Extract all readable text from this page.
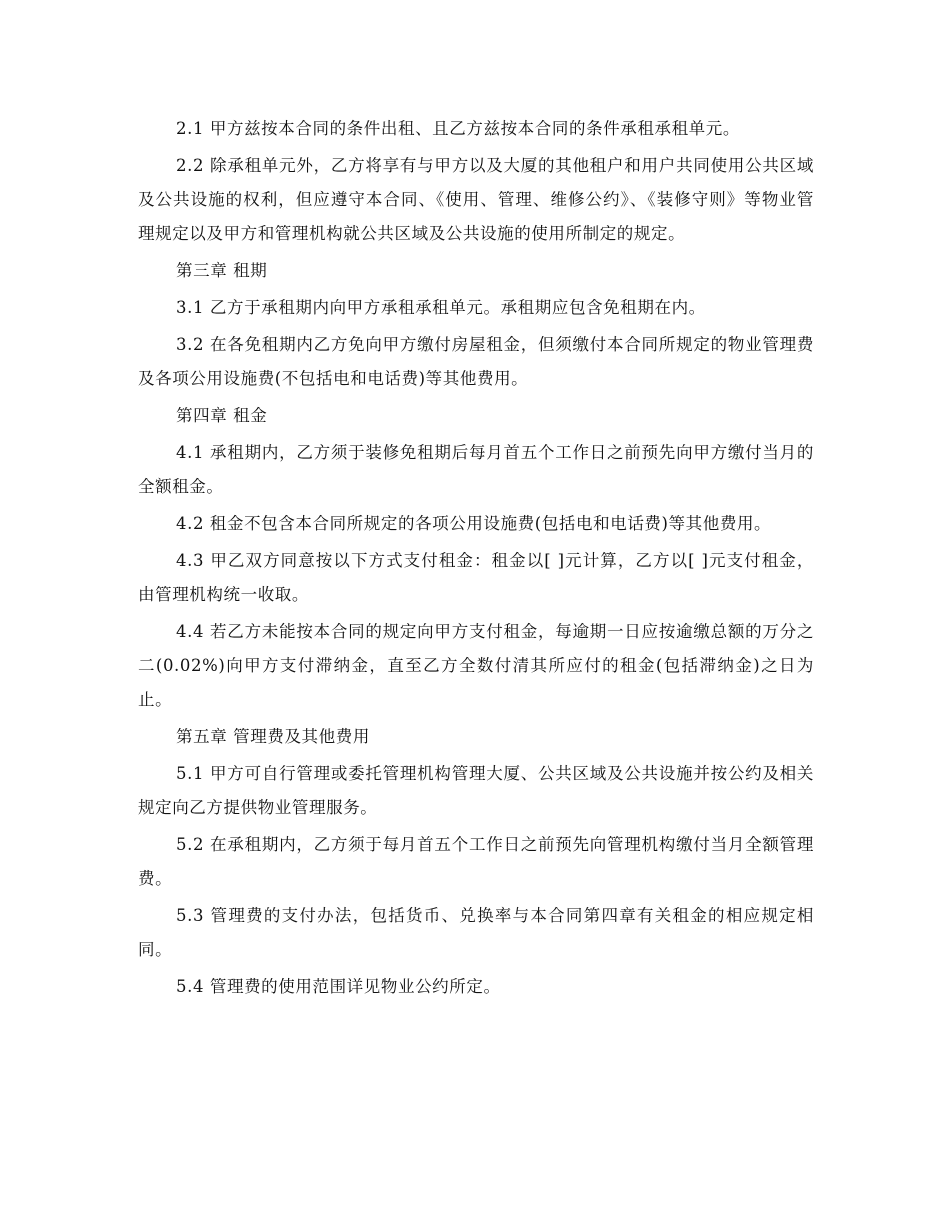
2.1 甲方兹按本合同的条件出租、且乙方兹按本合同的条件承租承租单元。

2.2 除承租单元外，乙方将享有与甲方以及大厦的其他租户和用户共同使用公共区域及公共设施的权利，但应遵守本合同、《使用、管理、维修公约》、《装修守则》等物业管理规定以及甲方和管理机构就公共区域及公共设施的使用所制定的规定。

第三章 租期

3.1 乙方于承租期内向甲方承租承租单元。承租期应包含免租期在内。

3.2 在各免租期内乙方免向甲方缴付房屋租金，但须缴付本合同所规定的物业管理费及各项公用设施费(不包括电和电话费)等其他费用。

第四章 租金

4.1 承租期内，乙方须于装修免租期后每月首五个工作日之前预先向甲方缴付当月的全额租金。

4.2 租金不包含本合同所规定的各项公用设施费(包括电和电话费)等其他费用。

4.3 甲乙双方同意按以下方式支付租金：租金以[ ]元计算，乙方以[ ]元支付租金，由管理机构统一收取。

4.4 若乙方未能按本合同的规定向甲方支付租金，每逾期一日应按逾缴总额的万分之二(0.02%)向甲方支付滞纳金，直至乙方全数付清其所应付的租金(包括滞纳金)之日为止。

第五章 管理费及其他费用

5.1 甲方可自行管理或委托管理机构管理大厦、公共区域及公共设施并按公约及相关规定向乙方提供物业管理服务。

5.2 在承租期内，乙方须于每月首五个工作日之前预先向管理机构缴付当月全额管理费。

5.3 管理费的支付办法，包括货币、兑换率与本合同第四章有关租金的相应规定相同。

5.4 管理费的使用范围详见物业公约所定。
